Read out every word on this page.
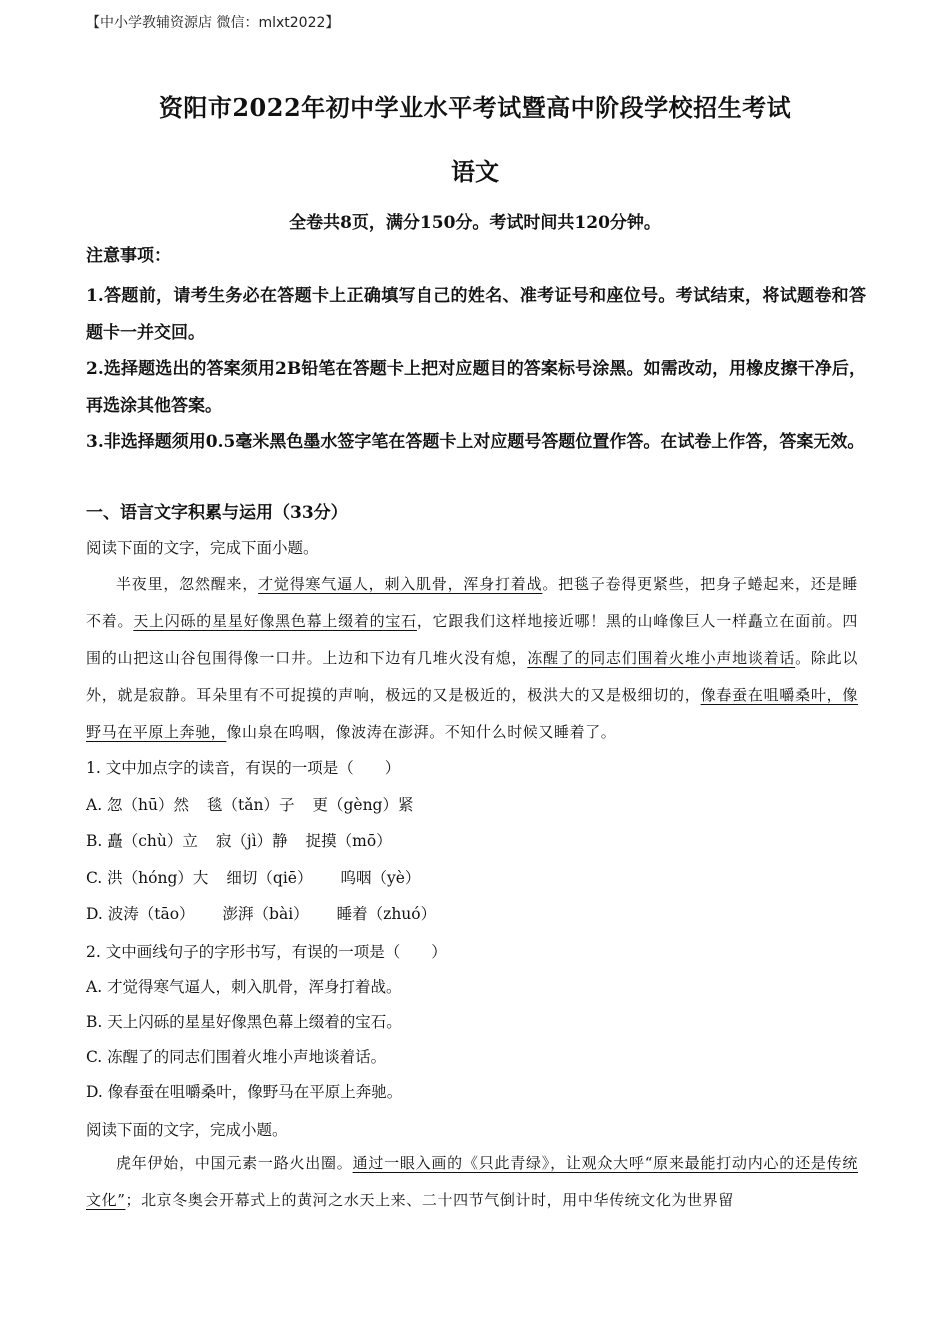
【中小学教辅资源店 微信：mlxt2022】
资阳市2022年初中学业水平考试暨高中阶段学校招生考试
语文
全卷共8页，满分150分。考试时间共120分钟。
注意事项：
1.答题前，请考生务必在答题卡上正确填写自己的姓名、准考证号和座位号。考试结束，将试题卷和答题卡一并交回。
2.选择题选出的答案须用2B铅笔在答题卡上把对应题目的答案标号涂黑。如需改动，用橡皮擦干净后，再选涂其他答案。
3.非选择题须用0.5毫米黑色墨水签字笔在答题卡上对应题号答题位置作答。在试卷上作答，答案无效。
一、语言文字积累与运用（33分）
阅读下面的文字，完成下面小题。
半夜里，忽然醒来，才觉得寒气逼人，刺入肌骨，浑身打着战。把毯子卷得更紧些，把身子蜷起来，还是睡不着。天上闪砾的星星好像黑色幕上缀着的宝石，它跟我们这样地接近哪！黑的山峰像巨人一样矗立在面前。四围的山把这山谷包围得像一口井。上边和下边有几堆火没有熄，冻醒了的同志们围着火堆小声地谈着话。除此以外，就是寂静。耳朵里有不可捉摸的声响，极远的又是极近的，极洪大的又是极细切的，像春蚕在咀嚼桑叶，像野马在平原上奔驰，像山泉在呜咽，像波涛在澎湃。不知什么时候又睡着了。
1. 文中加点字的读音，有误的一项是（　　）
A. 忽（hū）然 毯（tǎn）子 更（gèng）紧
B. 矗（chù）立 寂（jì）静 捉摸（mō）
C. 洪（hóng）大 细切（qiē） 呜咽（yè）
D. 波涛（tāo） 澎湃（bài） 睡着（zhuó）
2. 文中画线句子的字形书写，有误的一项是（　　）
A. 才觉得寒气逼人，刺入肌骨，浑身打着战。
B. 天上闪砾的星星好像黑色幕上缀着的宝石。
C. 冻醒了的同志们围着火堆小声地谈着话。
D. 像春蚕在咀嚼桑叶，像野马在平原上奔驰。
阅读下面的文字，完成小题。
虎年伊始，中国元素一路火出圈。通过一眼入画的《只此青绿》，让观众大呼“原来最能打动内心的还是传统文化”；北京冬奥会开幕式上的黄河之水天上来、二十四节气倒计时，用中华传统文化为世界留
